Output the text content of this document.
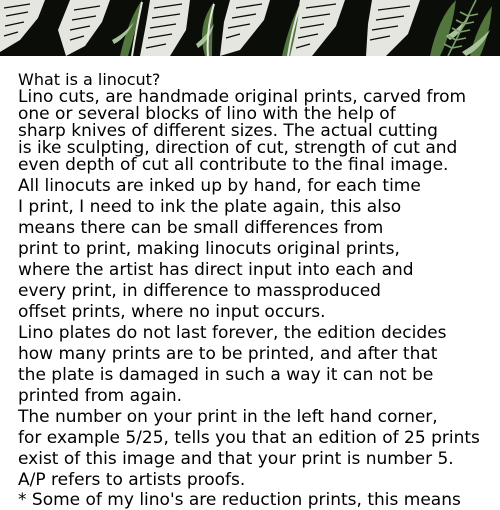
What is a linocut?
Lino cuts, are handmade original prints, carved from
one or several blocks of lino with the help of
sharp knives of different sizes. The actual cutting
is ike sculpting, direction of cut, strength of cut and
even depth of cut all contribute to the final image.
All linocuts are inked up by hand, for each time
I print, I need to ink the plate again, this also
means there can be small differences from
print to print, making linocuts original prints,
where the artist has direct input into each and
every print, in difference to massproduced
offset prints, where no input occurs.
Lino plates do not last forever, the edition decides
how many prints are to be printed, and after that
the plate is damaged in such a way it can not be
printed from again.
The number on your print in the left hand corner,
for example 5/25, tells you that an edition of 25 prints
exist of this image and that your print is number 5.
A/P refers to artists proofs.
* Some of my lino's are reduction prints, this means
